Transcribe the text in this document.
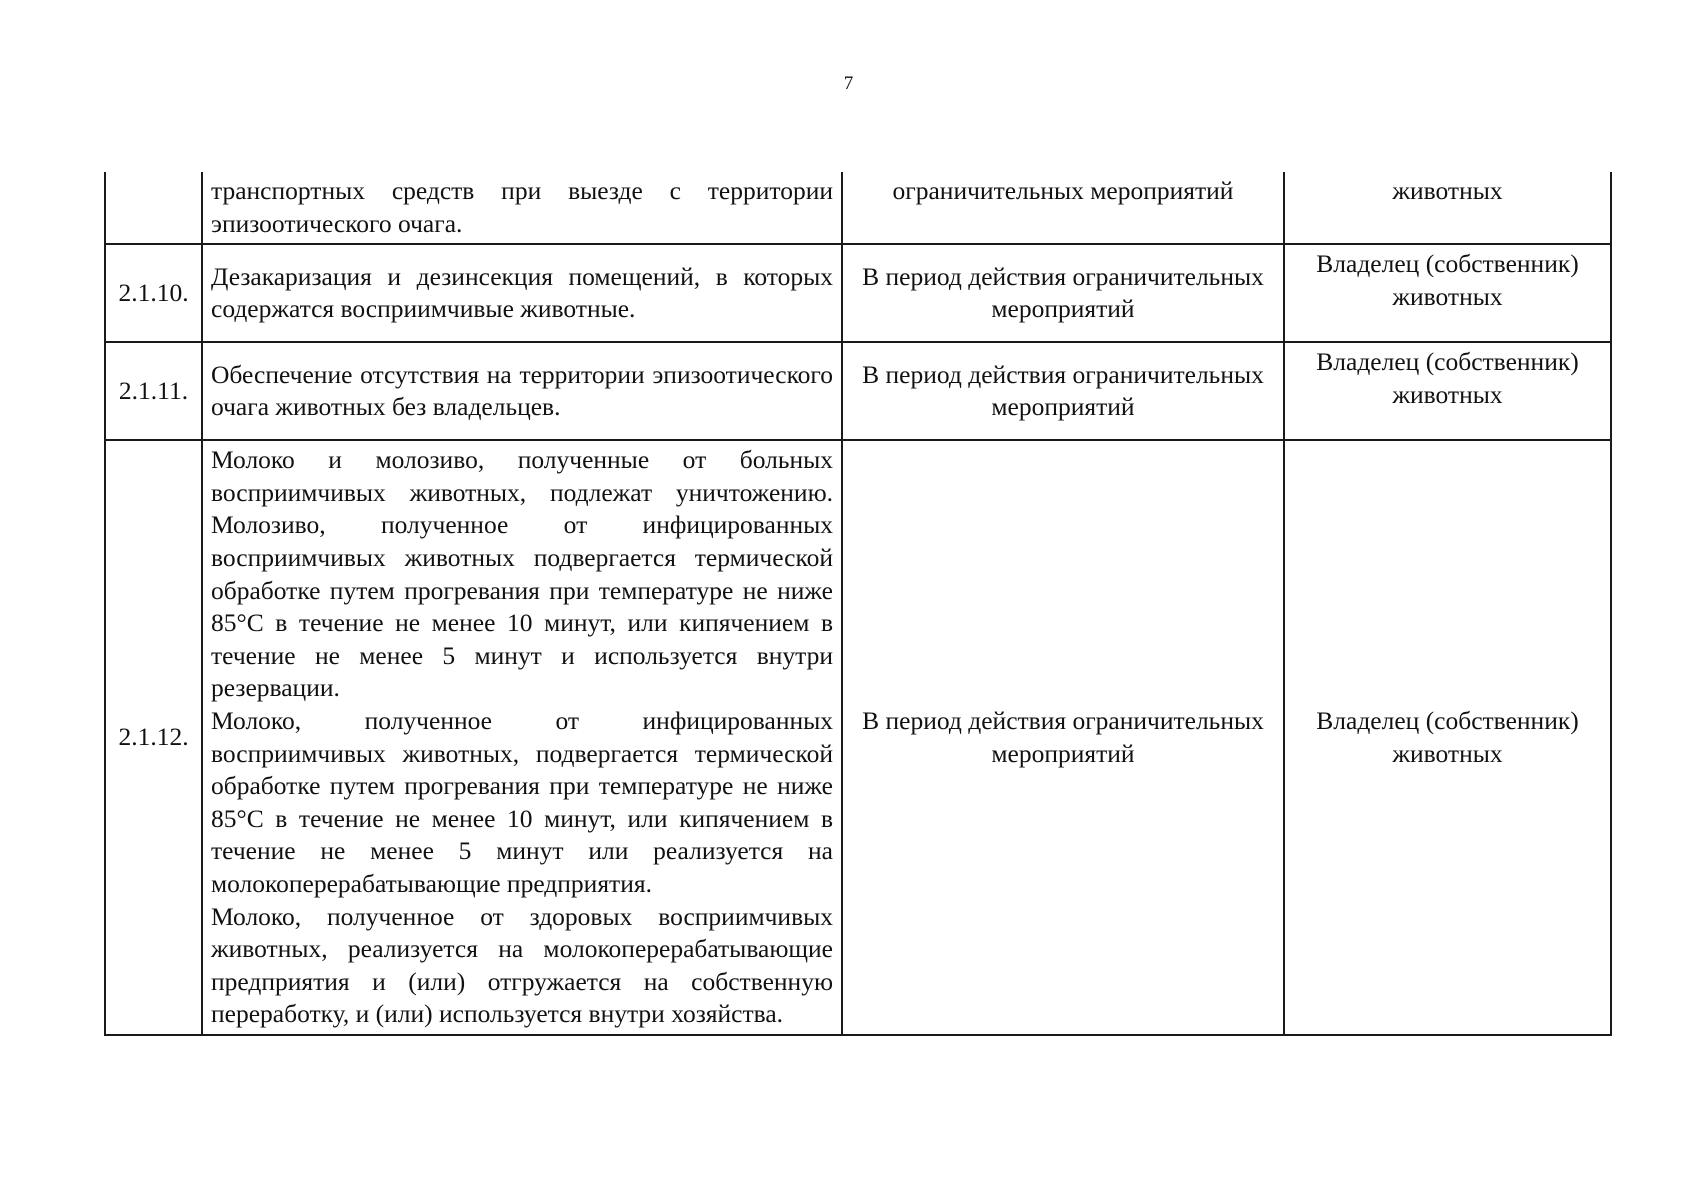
7

	транспортных средств при выезде с территории эпизоотического очага.	ограничительных мероприятий	животных
2.1.10.	Дезакаризация и дезинсекция помещений, в которых содержатся восприимчивые животные.	В период действия ограничительных мероприятий	Владелец (собственник) животных
2.1.11.	Обеспечение отсутствия на территории эпизоотического очага животных без владельцев.	В период действия ограничительных мероприятий	Владелец (собственник) животных
2.1.12.	Молоко и молозиво, полученные от больных восприимчивых животных, подлежат уничтожению. Молозиво, полученное от инфицированных восприимчивых животных подвергается термической обработке путем прогревания при температуре не ниже 85°С в течение не менее 10 минут, или кипячением в течение не менее 5 минут и используется внутри резервации.
Молоко, полученное от инфицированных восприимчивых животных, подвергается термической обработке путем прогревания при температуре не ниже 85°С в течение не менее 10 минут, или кипячением в течение не менее 5 минут или реализуется на молокоперерабатывающие предприятия.
Молоко, полученное от здоровых восприимчивых животных, реализуется на молокоперерабатывающие предприятия и (или) отгружается на собственную переработку, и (или) используется внутри хозяйства.	В период действия ограничительных мероприятий	Владелец (собственник) животных
